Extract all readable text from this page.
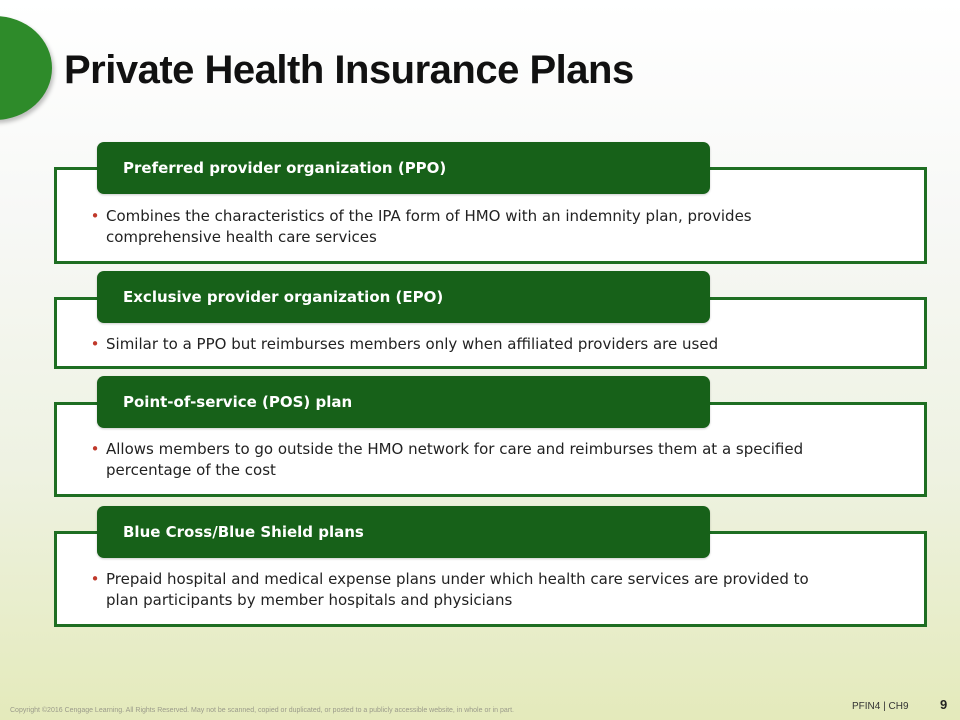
Private Health Insurance Plans
Preferred provider organization (PPO)
• Combines the characteristics of the IPA form of HMO with an indemnity plan, provides comprehensive health care services
Exclusive provider organization (EPO)
• Similar to a PPO but reimburses members only when affiliated providers are used
Point-of-service (POS) plan
• Allows members to go outside the HMO network for care and reimburses them at a specified percentage of the cost
Blue Cross/Blue Shield plans
• Prepaid hospital and medical expense plans under which health care services are provided to plan participants by member hospitals and physicians
Copyright ©2016 Cengage Learning. All Rights Reserved. May not be scanned, copied or duplicated, or posted to a publicly accessible website, in whole or in part.	PFIN4 | CH9 9
